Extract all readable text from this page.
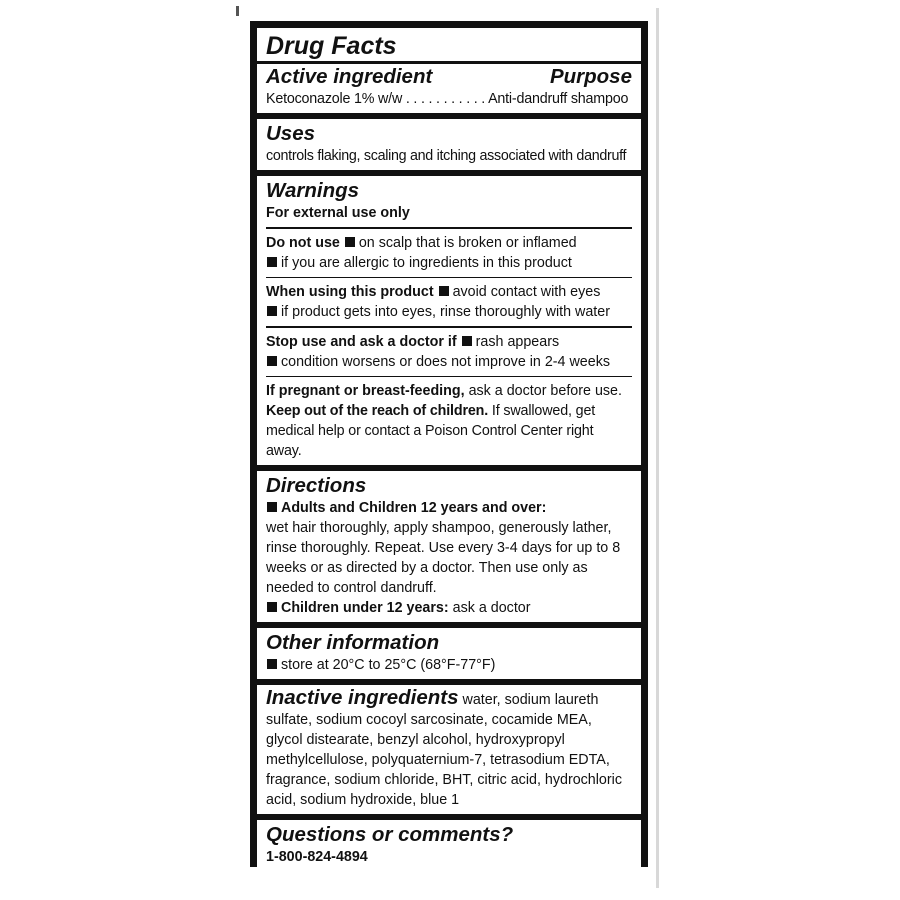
Drug Facts
Active ingredient	Purpose
Ketoconazole 1% w/w . . . . . . . . . . . Anti-dandruff shampoo
Uses
controls flaking, scaling and itching associated with dandruff
Warnings
For external use only
Do not use on scalp that is broken or inflamed
if you are allergic to ingredients in this product
When using this product avoid contact with eyes
if product gets into eyes, rinse thoroughly with water
Stop use and ask a doctor if rash appears
condition worsens or does not improve in 2-4 weeks
If pregnant or breast-feeding, ask a doctor before use.
Keep out of the reach of children. If swallowed, get medical help or contact a Poison Control Center right away.
Directions
Adults and Children 12 years and over:
wet hair thoroughly, apply shampoo, generously lather, rinse thoroughly. Repeat. Use every 3-4 days for up to 8 weeks or as directed by a doctor. Then use only as needed to control dandruff.
Children under 12 years: ask a doctor
Other information
store at 20°C to 25°C (68°F-77°F)
Inactive ingredients water, sodium laureth sulfate, sodium cocoyl sarcosinate, cocamide MEA, glycol distearate, benzyl alcohol, hydroxypropyl methylcellulose, polyquaternium-7, tetrasodium EDTA, fragrance, sodium chloride, BHT, citric acid, hydrochloric acid, sodium hydroxide, blue 1
Questions or comments?
1-800-824-4894
